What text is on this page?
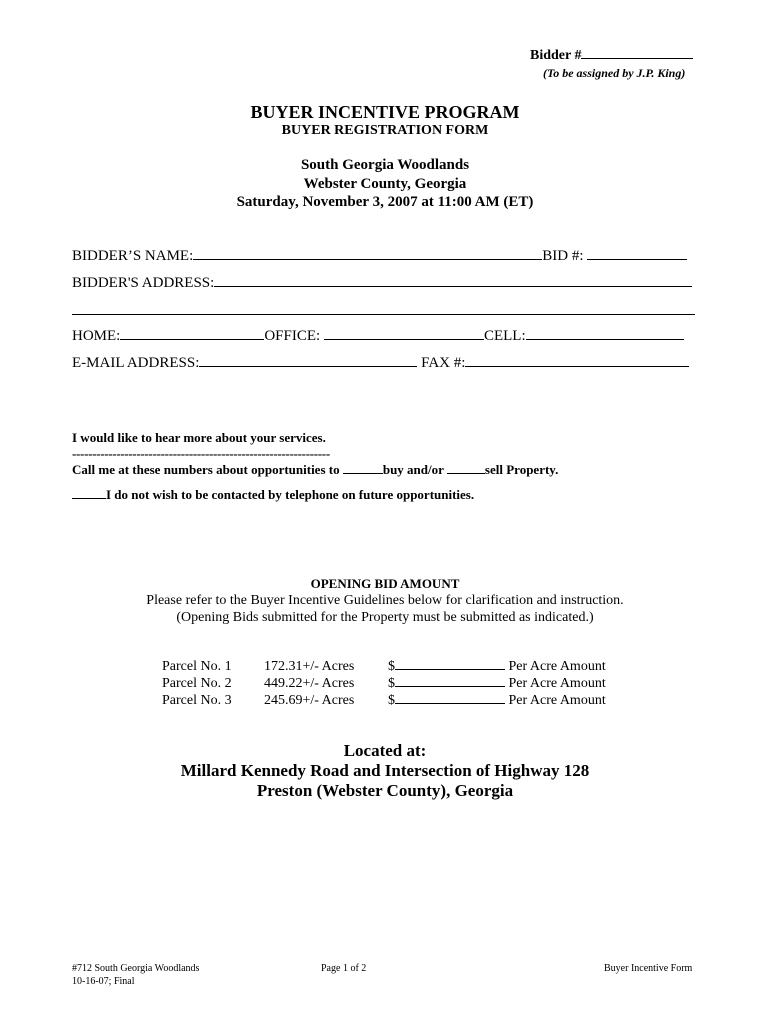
Bidder #
(To be assigned by J.P. King)
BUYER INCENTIVE PROGRAM
BUYER REGISTRATION FORM
South Georgia Woodlands
Webster County, Georgia
Saturday, November 3, 2007 at 11:00 AM (ET)
BIDDER’S NAME:	BID #:
BIDDER'S ADDRESS:
HOME:	OFFICE:	CELL:
E-MAIL ADDRESS:	FAX #:
I would like to hear more about your services.
----------------------------------------------------------------
Call me at these numbers about opportunities to	buy and/or	sell Property.
I do not wish to be contacted by telephone on future opportunities.
OPENING BID AMOUNT
Please refer to the Buyer Incentive Guidelines below for clarification and instruction.
(Opening Bids submitted for the Property must be submitted as indicated.)
Parcel No. 1	172.31+/- Acres	$ Per Acre Amount
Parcel No. 2	449.22+/- Acres	$ Per Acre Amount
Parcel No. 3	245.69+/- Acres	$ Per Acre Amount
Located at:
Millard Kennedy Road and Intersection of Highway 128
Preston (Webster County), Georgia
#712 South Georgia Woodlands
10-16-07; Final
Page 1 of 2	Buyer Incentive Form
